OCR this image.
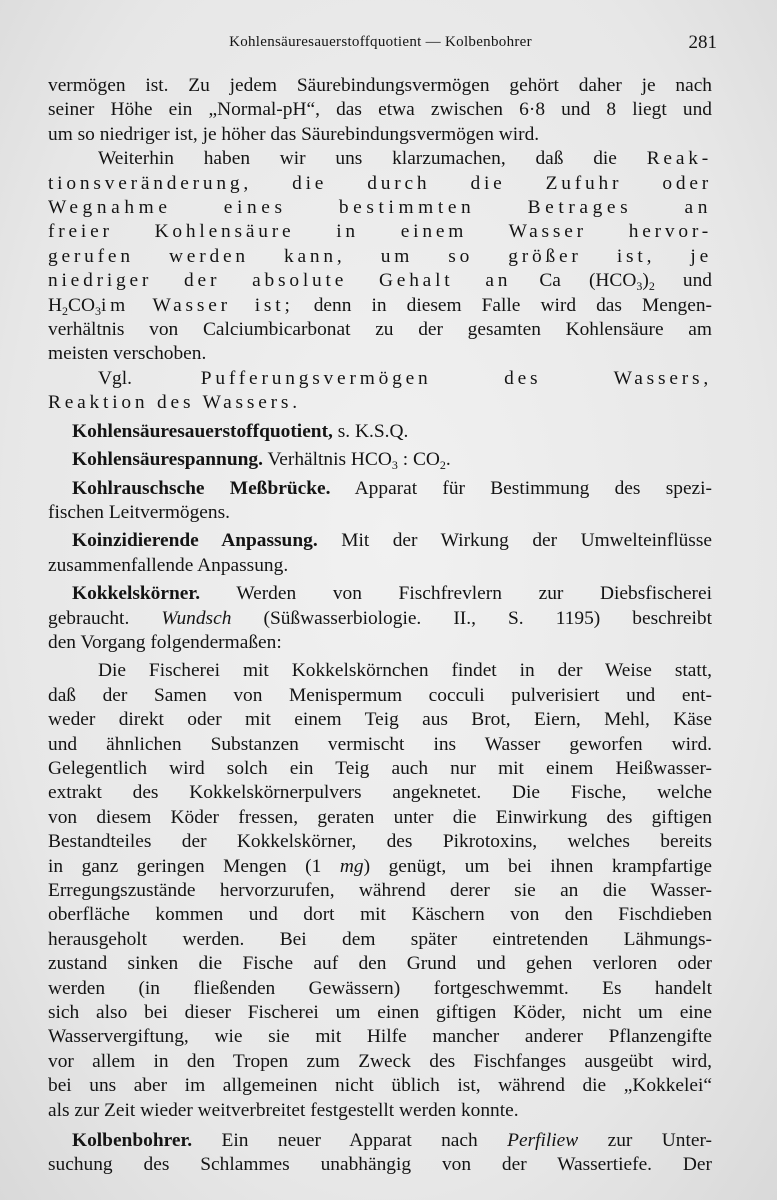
Kohlensäuresauerstoffquotient — Kolbenbohrer	281
vermögen ist. Zu jedem Säurebindungsvermögen gehört daher je nach
seiner Höhe ein „Normal-pH“, das etwa zwischen 6·8 und 8 liegt und
um so niedriger ist, je höher das Säurebindungsvermögen wird.
Weiterhin haben wir uns klarzumachen, daß die Reak-
tionsveränderung, die durch die Zufuhr oder
Wegnahme eines bestimmten Betrages an
freier Kohlensäure in einem Wasser hervor-
gerufen werden kann, um so größer ist, je
niedriger der absolute Gehalt an Ca $(HCO_3)_2$ und
$H_2CO_3im$ Wasser ist; denn in diesem Falle wird das Mengen-
verhältnis von Calciumbicarbonat zu der gesamten Kohlensäure am
meisten verschoben.
Vgl.	Pufferungsvermögen des Wassers,
Reaktion des Wassers.
Kohlensäuresauerstoffquotient, s. K.S.Q.
Kohlensäurespannung. Verhältnis $HCO_3$ : $CO_2$.
Kohlrauschsche Meßbrücke. Apparat für Bestimmung des spezi-
fischen Leitvermögens.
Koinzidierende Anpassung. Mit der Wirkung der Umwelteinflüsse
zusammenfallende Anpassung.
Kokkelskörner. Werden von Fischfrevlern zur Diebsfischerei
gebraucht. Wundsch (Süßwasserbiologie. II., S. 1195) beschreibt
den Vorgang folgendermaßen:
Die Fischerei mit Kokkelskörnchen findet in der Weise statt,
daß der Samen von Menispermum cocculi pulverisiert und ent-
weder direkt oder mit einem Teig aus Brot, Eiern, Mehl, Käse
und ähnlichen Substanzen vermischt ins Wasser geworfen wird.
Gelegentlich wird solch ein Teig auch nur mit einem Heißwasser-
extrakt des Kokkelskörnerpulvers angeknetet. Die Fische, welche
von diesem Köder fressen, geraten unter die Einwirkung des giftigen
Bestandteiles der Kokkelskörner, des Pikrotoxins, welches bereits
in ganz geringen Mengen (1 mg) genügt, um bei ihnen krampfartige
Erregungszustände hervorzurufen, während derer sie an die Wasser-
oberfläche kommen und dort mit Käschern von den Fischdieben
herausgeholt werden. Bei dem später eintretenden Lähmungs-
zustand sinken die Fische auf den Grund und gehen verloren oder
werden (in fließenden Gewässern) fortgeschwemmt. Es handelt
sich also bei dieser Fischerei um einen giftigen Köder, nicht um eine
Wasservergiftung, wie sie mit Hilfe mancher anderer Pflanzengifte
vor allem in den Tropen zum Zweck des Fischfanges ausgeübt wird,
bei uns aber im allgemeinen nicht üblich ist, während die „Kokkelei“
als zur Zeit wieder weitverbreitet festgestellt werden konnte.
Kolbenbohrer. Ein neuer Apparat nach Perfiliew zur Unter-
suchung des Schlammes unabhängig von der Wassertiefe. Der
